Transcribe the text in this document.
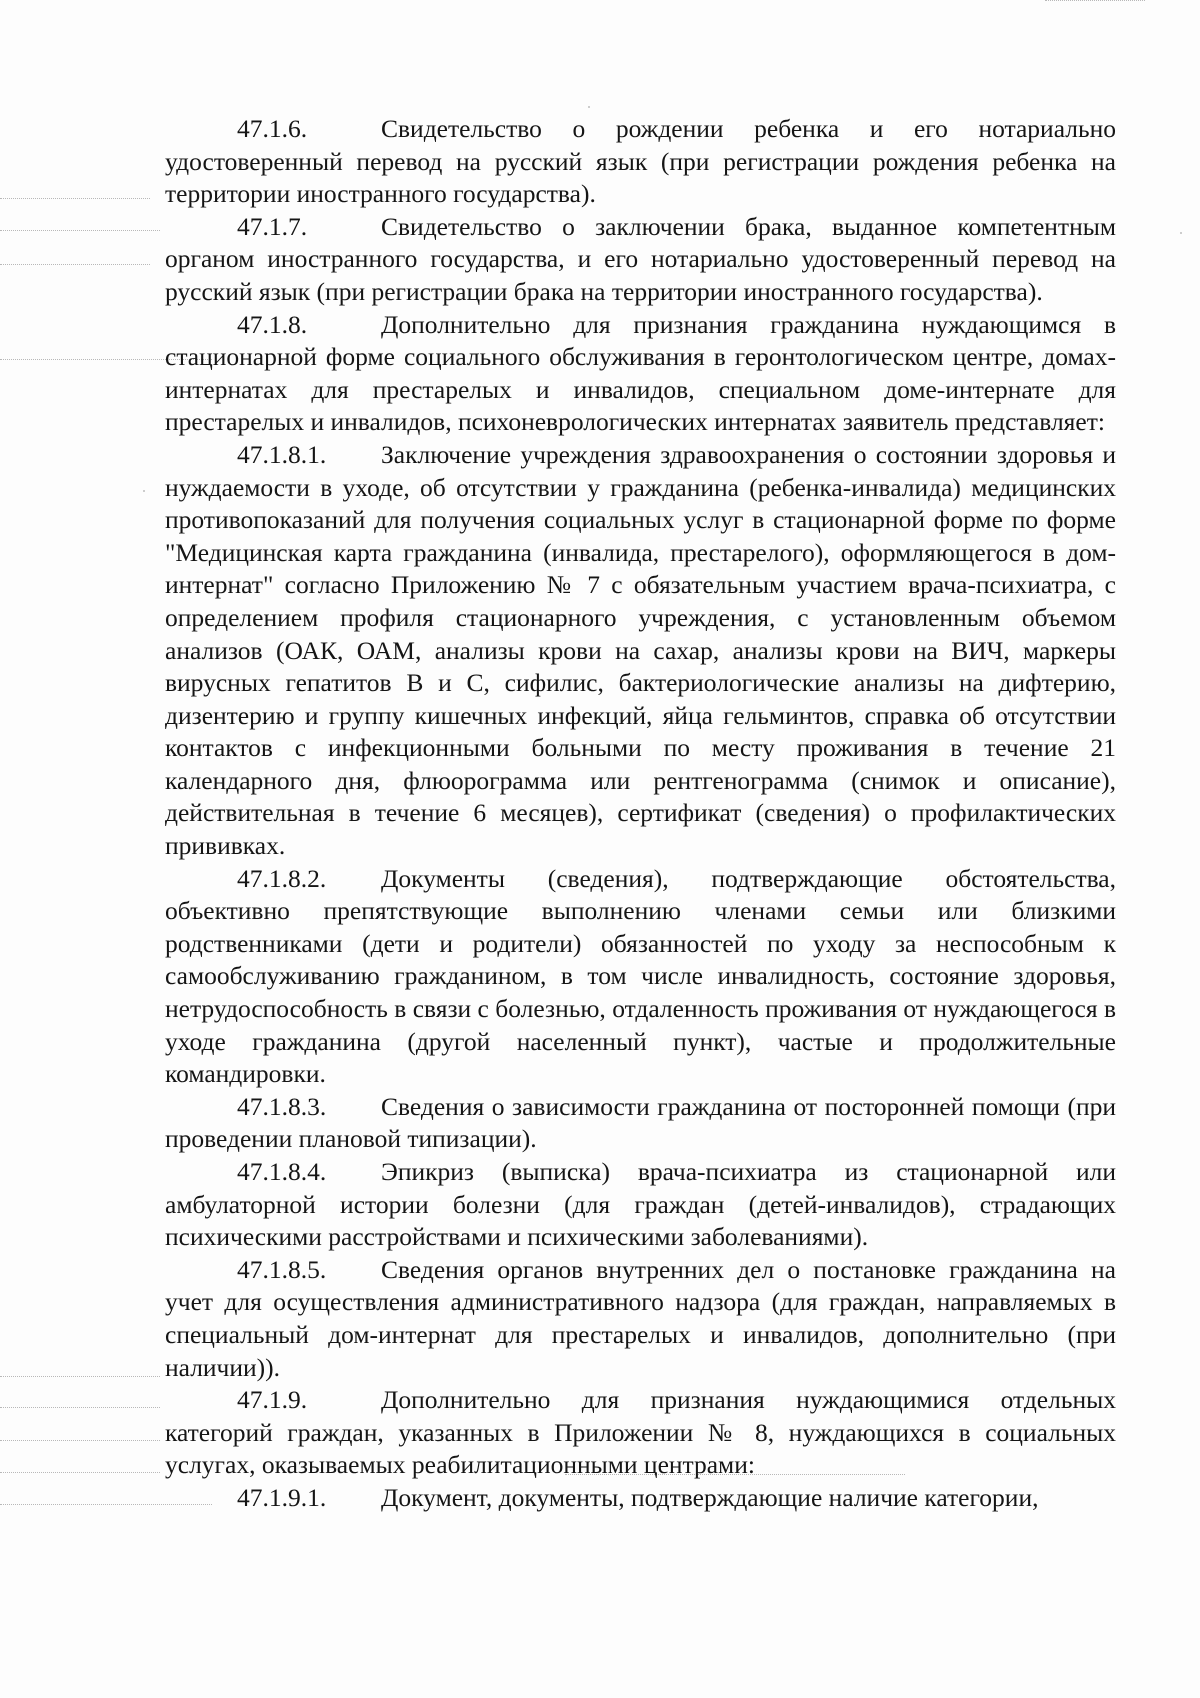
47.1.6.	Свидетельство о рождении ребенка и его нотариально удостоверенный перевод на русский язык (при регистрации рождения ребенка на территории иностранного государства).

47.1.7.	Свидетельство о заключении брака, выданное компетентным органом иностранного государства, и его нотариально удостоверенный перевод на русский язык (при регистрации брака на территории иностранного государства).

47.1.8.	Дополнительно для признания гражданина нуждающимся в стационарной форме социального обслуживания в геронтологическом центре, домах-интернатах для престарелых и инвалидов, специальном доме-интернате для престарелых и инвалидов, психоневрологических интернатах заявитель представляет:

47.1.8.1. Заключение учреждения здравоохранения о состоянии здоровья и нуждаемости в уходе, об отсутствии у гражданина (ребенка-инвалида) медицинских противопоказаний для получения социальных услуг в стационарной форме по форме "Медицинская карта гражданина (инвалида, престарелого), оформляющегося в дом-интернат" согласно Приложению № 7 с обязательным участием врача-психиатра, с определением профиля стационарного учреждения, с установленным объемом анализов (ОАК, ОАМ, анализы крови на сахар, анализы крови на ВИЧ, маркеры вирусных гепатитов В и С, сифилис, бактериологические анализы на дифтерию, дизентерию и группу кишечных инфекций, яйца гельминтов, справка об отсутствии контактов с инфекционными больными по месту проживания в течение 21 календарного дня, флюорограмма или рентгенограмма (снимок и описание), действительная в течение 6 месяцев), сертификат (сведения) о профилактических прививках.

47.1.8.2. Документы (сведения), подтверждающие обстоятельства, объективно препятствующие выполнению членами семьи или близкими родственниками (дети и родители) обязанностей по уходу за неспособным к самообслуживанию гражданином, в том числе инвалидность, состояние здоровья, нетрудоспособность в связи с болезнью, отдаленность проживания от нуждающегося в уходе гражданина (другой населенный пункт), частые и продолжительные командировки.

47.1.8.3. Сведения о зависимости гражданина от посторонней помощи (при проведении плановой типизации).

47.1.8.4. Эпикриз (выписка) врача-психиатра из стационарной или амбулаторной истории болезни (для граждан (детей-инвалидов), страдающих психическими расстройствами и психическими заболеваниями).

47.1.8.5. Сведения органов внутренних дел о постановке гражданина на учет для осуществления административного надзора (для граждан, направляемых в специальный дом-интернат для престарелых и инвалидов, дополнительно (при наличии)).

47.1.9.	Дополнительно для признания нуждающимися отдельных категорий граждан, указанных в Приложении № 8, нуждающихся в социальных услугах, оказываемых реабилитационными центрами:

47.1.9.1. Документ, документы, подтверждающие наличие категории,
